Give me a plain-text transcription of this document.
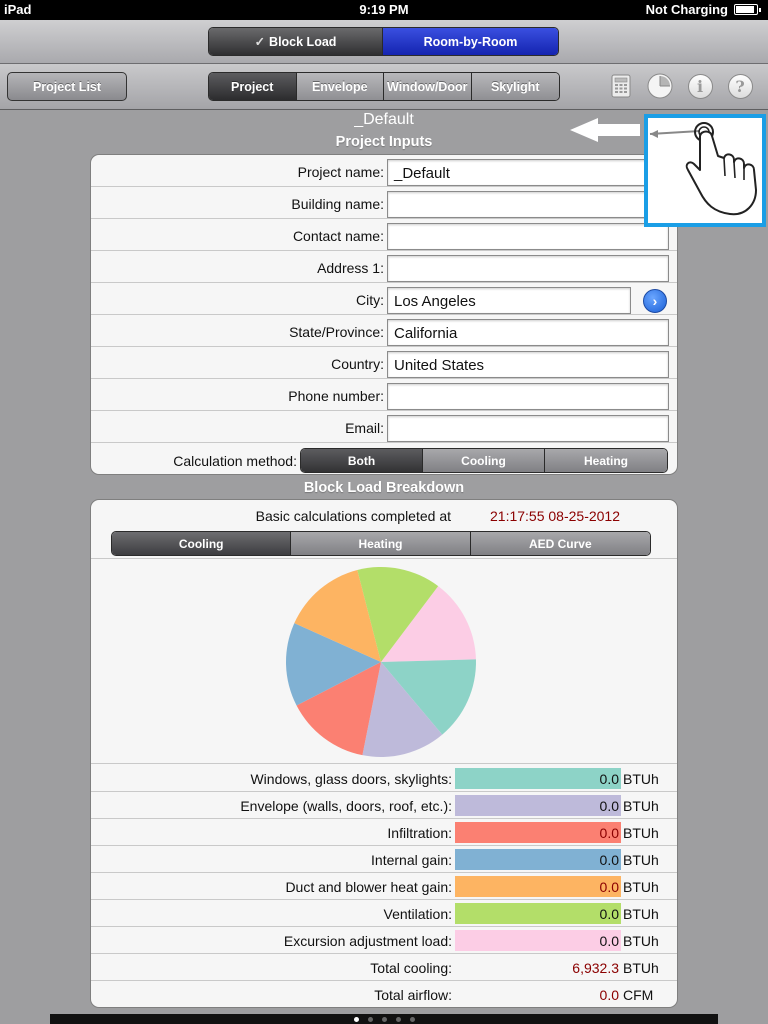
iPad	9:19 PM	Not Charging
✓ Block Load	Room-by-Room
Project List	Project	Envelope	Window/Door	Skylight	i	?
_Default
Project Inputs
Project name: _Default
Building name:
Contact name:
Address 1:
City: Los Angeles	›
State/Province: California
Country: United States
Phone number:
Email:
Calculation method:	Both	Cooling	Heating
Block Load Breakdown
Basic calculations completed at	21:17:55 08-25-2012
Cooling	Heating	AED Curve
Windows, glass doors, skylights:	0.0 BTUh
Envelope (walls, doors, roof, etc.):	0.0 BTUh
Infiltration:	0.0 BTUh
Internal gain:	0.0 BTUh
Duct and blower heat gain:	0.0 BTUh
Ventilation:	0.0 BTUh
Excursion adjustment load:	0.0 BTUh
Total cooling:	6,932.3 BTUh
Total airflow:	0.0 CFM
